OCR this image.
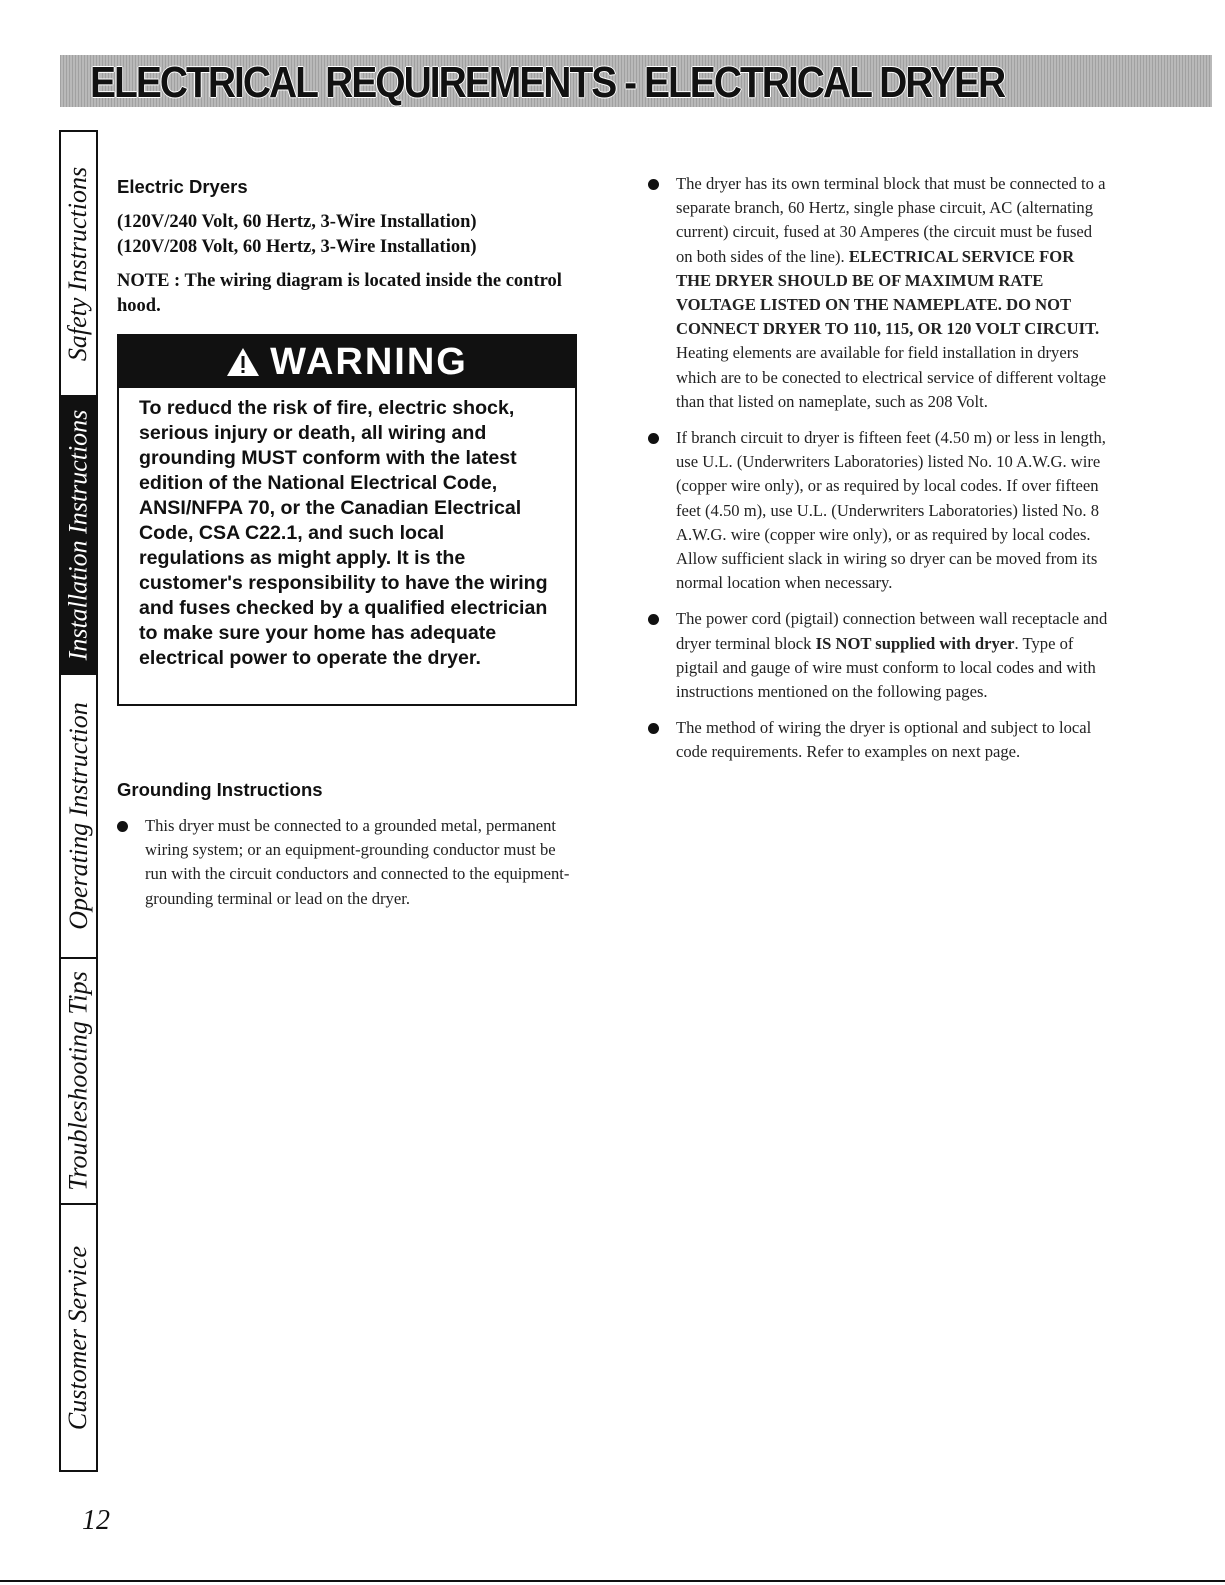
ELECTRICAL REQUIREMENTS - ELECTRICAL DRYER
Safety Instructions
Installation Instructions
Operating Instruction
Troubleshooting Tips
Customer Service
Electric Dryers

(120V/240 Volt, 60 Hertz, 3-Wire Installation)

(120V/208 Volt, 60 Hertz, 3-Wire Installation)

NOTE : The wiring diagram is located inside the control hood.

WARNING

To reducd the risk of fire, electric shock, serious injury or death, all wiring and grounding MUST conform with the latest edition of the National Electrical Code, ANSI/NFPA 70, or the Canadian Electrical Code, CSA C22.1, and such local regulations as might apply. It is the customer's responsibility to have the wiring and fuses checked by a qualified electrician to make sure your home has adequate electrical power to operate the dryer.

Grounding Instructions
This dryer must be connected to a grounded metal, permanent wiring system; or an equipment-grounding conductor must be run with the circuit conductors and connected to the equipment-grounding terminal or lead on the dryer.
The dryer has its own terminal block that must be connected to a separate branch, 60 Hertz, single phase circuit, AC (alternating current) circuit, fused at 30 Amperes (the circuit must be fused on both sides of the line). ELECTRICAL SERVICE FOR THE DRYER SHOULD BE OF MAXIMUM RATE VOLTAGE LISTED ON THE NAMEPLATE. DO NOT CONNECT DRYER TO 110, 115, OR 120 VOLT CIRCUIT. Heating elements are available for field installation in dryers which are to be conected to electrical service of different voltage than that listed on nameplate, such as 208 Volt.
If branch circuit to dryer is fifteen feet (4.50 m) or less in length, use U.L. (Underwriters Laboratories) listed No. 10 A.W.G. wire (copper wire only), or as required by local codes. If over fifteen feet (4.50 m), use U.L. (Underwriters Laboratories) listed No. 8 A.W.G. wire (copper wire only), or as required by local codes. Allow sufficient slack in wiring so dryer can be moved from its normal location when necessary.
The power cord (pigtail) connection between wall receptacle and dryer terminal block IS NOT supplied with dryer. Type of pigtail and gauge of wire must conform to local codes and with instructions mentioned on the following pages.
The method of wiring the dryer is optional and subject to local code requirements. Refer to examples on next page.
12
